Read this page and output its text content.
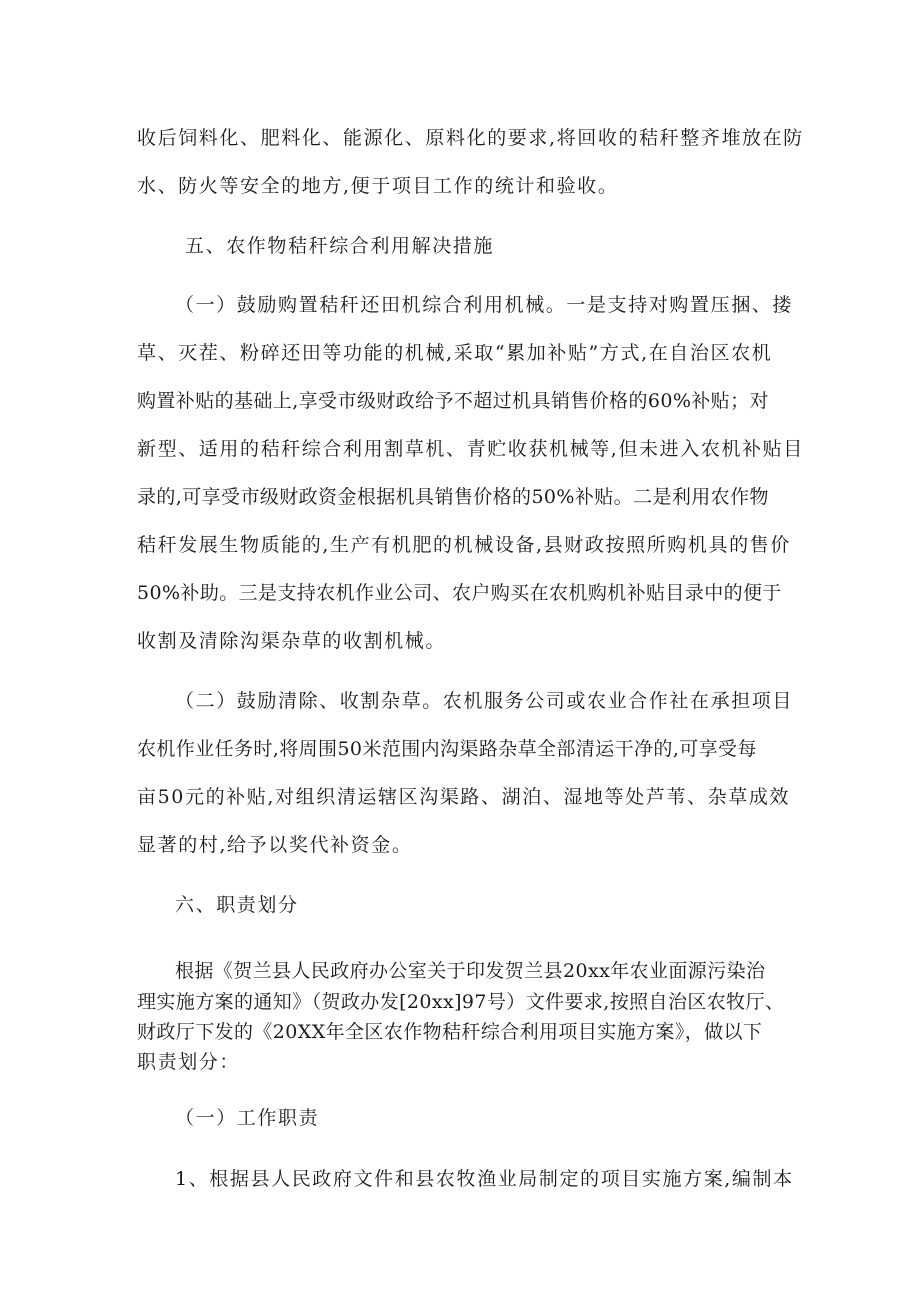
收后饲料化、肥料化、能源化、原料化的要求,将回收的秸秆整齐堆放在防
水、防火等安全的地方,便于项目工作的统计和验收。
五、农作物秸秆综合利用解决措施
（一）鼓励购置秸秆还田机综合利用机械。一是支持对购置压捆、搂
草、灭茬、粉碎还田等功能的机械,采取“累加补贴”方式,在自治区农机
购置补贴的基础上,享受市级财政给予不超过机具销售价格的60%补贴；对
新型、适用的秸秆综合利用割草机、青贮收获机械等,但未进入农机补贴目
录的,可享受市级财政资金根据机具销售价格的50%补贴。二是利用农作物
秸秆发展生物质能的,生产有机肥的机械设备,县财政按照所购机具的售价
50%补助。三是支持农机作业公司、农户购买在农机购机补贴目录中的便于
收割及清除沟渠杂草的收割机械。
（二）鼓励清除、收割杂草。农机服务公司或农业合作社在承担项目
农机作业任务时,将周围50米范围内沟渠路杂草全部清运干净的,可享受每
亩50元的补贴,对组织清运辖区沟渠路、湖泊、湿地等处芦苇、杂草成效
显著的村,给予以奖代补资金。
六、职责划分
根据《贺兰县人民政府办公室关于印发贺兰县20xx年农业面源污染治
理实施方案的通知》（贺政办发[20xx]97号）文件要求,按照自治区农牧厅、
财政厅下发的《20XX年全区农作物秸秆综合利用项目实施方案》，做以下
职责划分：
（一）工作职责
1、根据县人民政府文件和县农牧渔业局制定的项目实施方案,编制本
